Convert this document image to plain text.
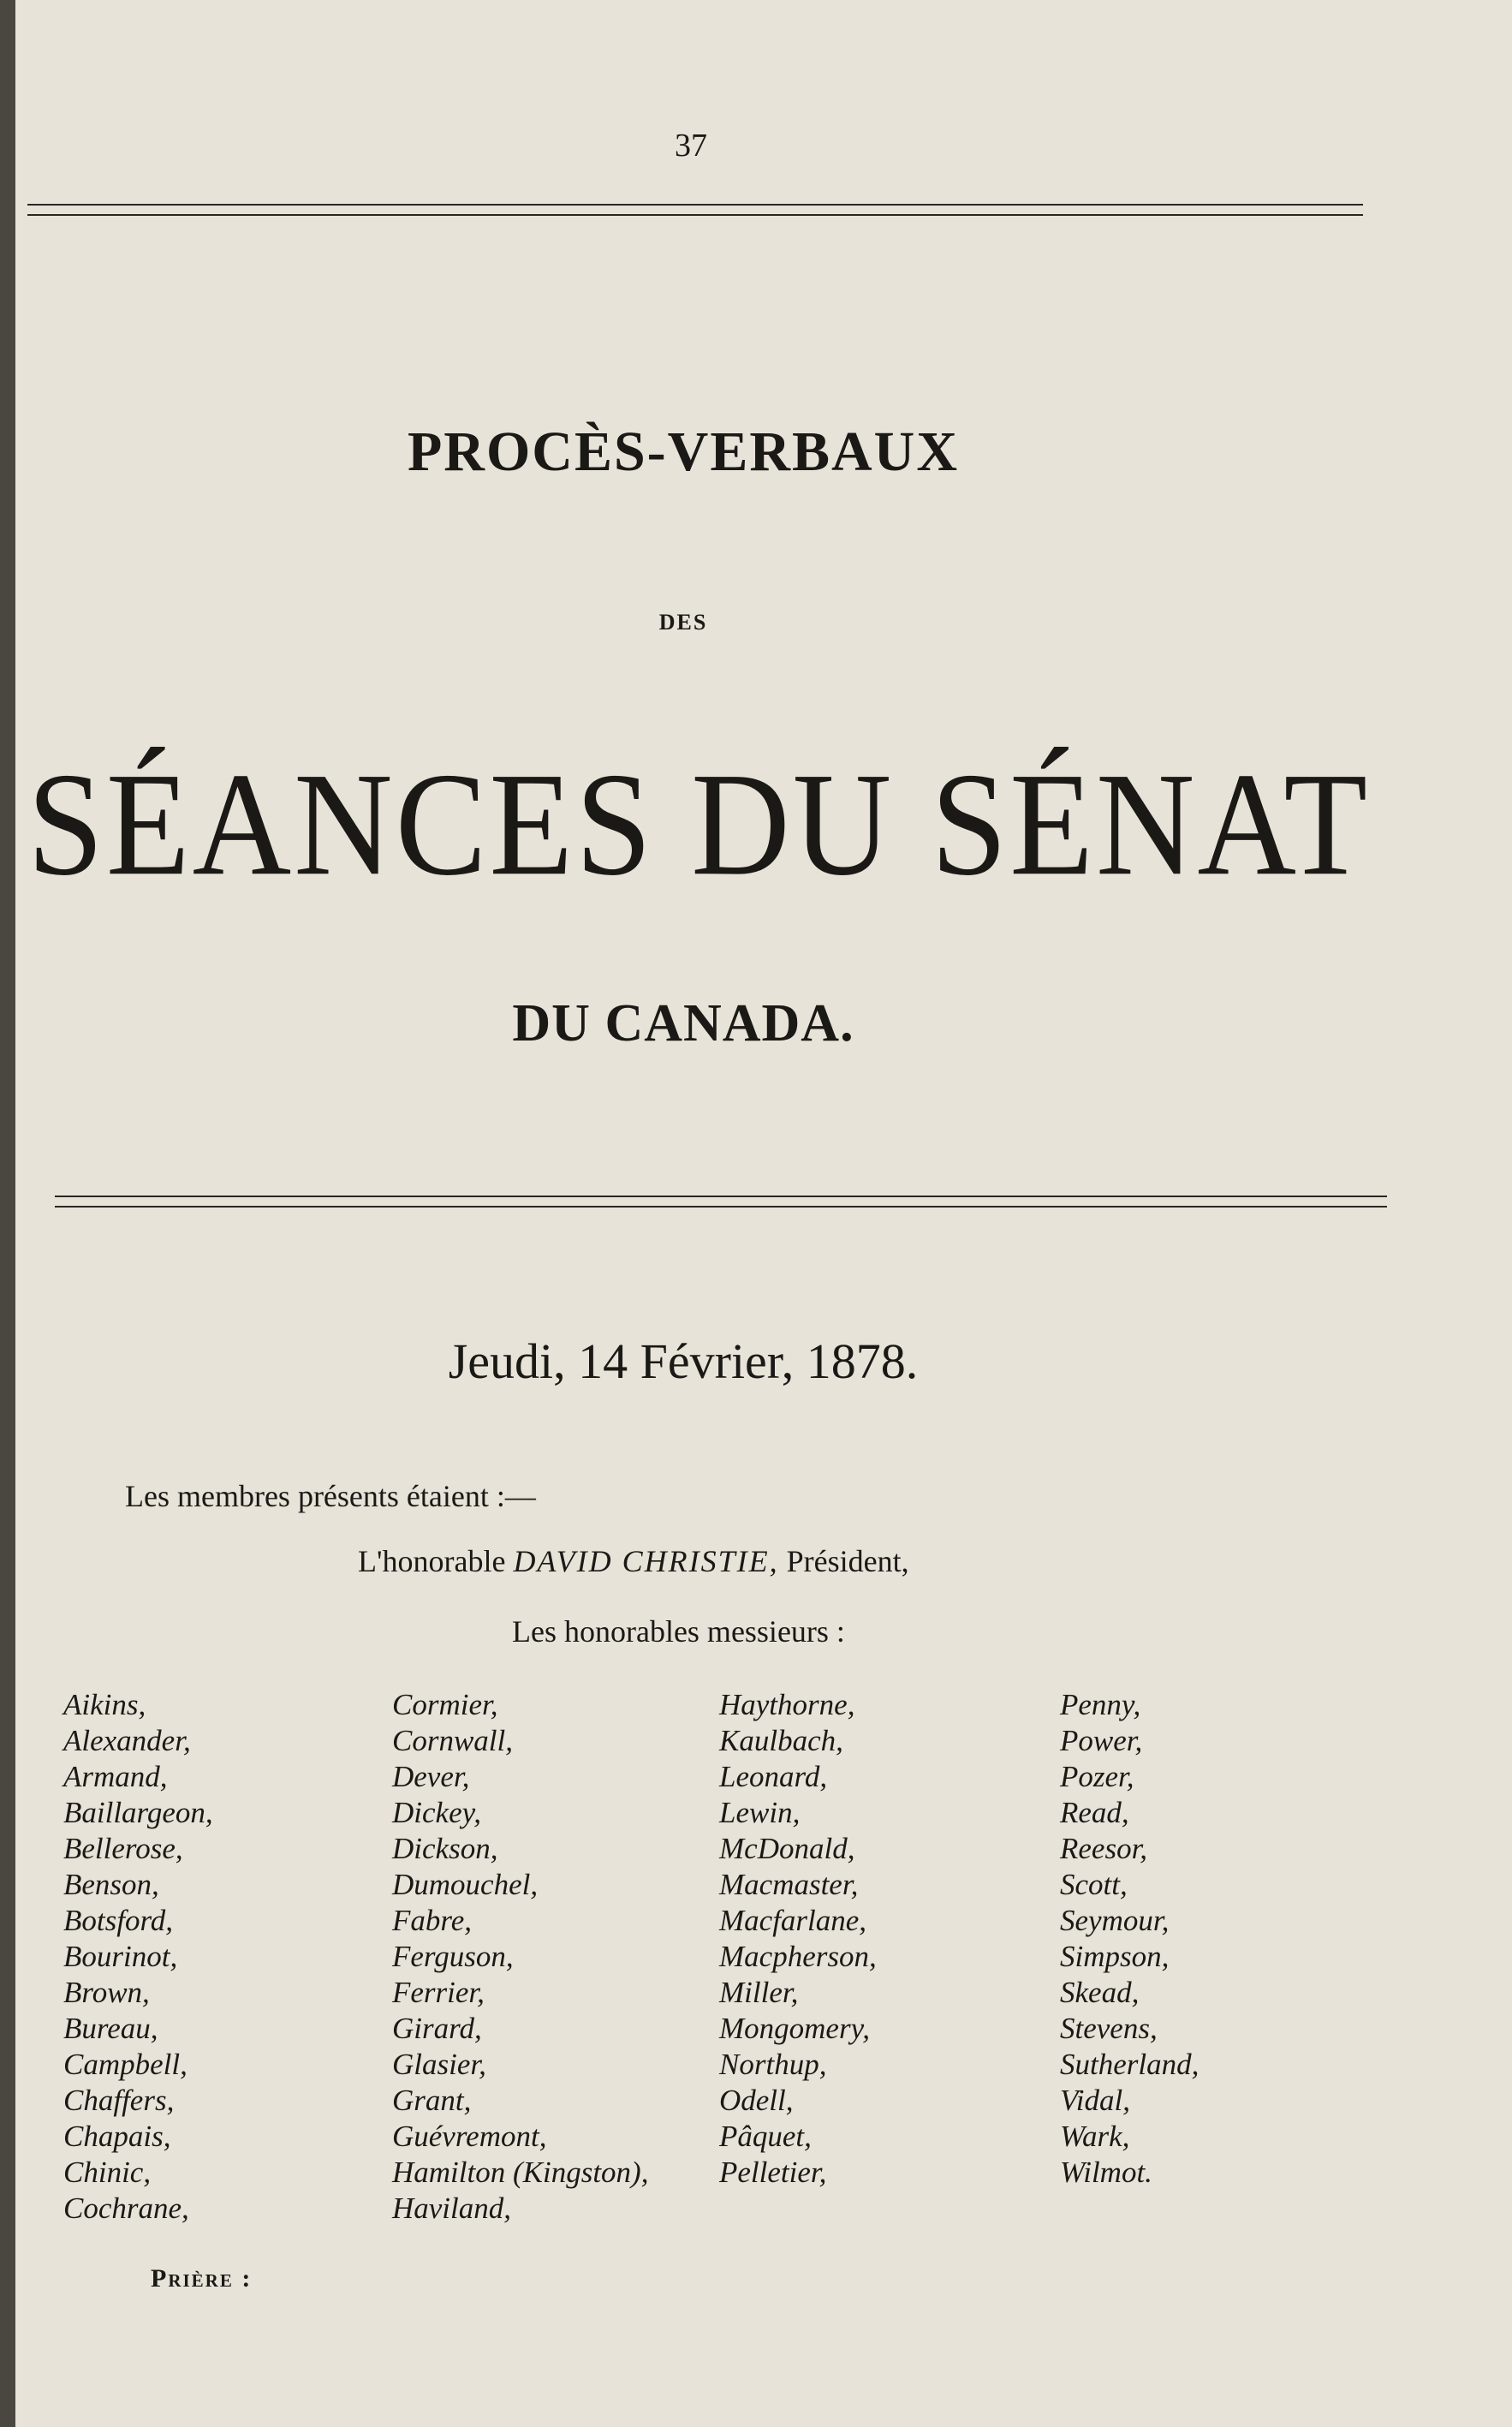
37
PROCÈS-VERBAUX
DES
SÉANCES DU SÉNAT
DU CANADA.
Jeudi, 14 Février, 1878.
Les membres présents étaient :—
L'honorable DAVID CHRISTIE, Président,
Les honorables messieurs :
Aikins,
Alexander,
Armand,
Baillargeon,
Bellerose,
Benson,
Botsford,
Bourinot,
Brown,
Bureau,
Campbell,
Chaffers,
Chapais,
Chinic,
Cochrane,
Cormier,
Cornwall,
Dever,
Dickey,
Dickson,
Dumouchel,
Fabre,
Ferguson,
Ferrier,
Girard,
Glasier,
Grant,
Guévremont,
Hamilton (Kingston),
Haviland,
Haythorne,
Kaulbach,
Leonard,
Lewin,
McDonald,
Macmaster,
Macfarlane,
Macpherson,
Miller,
Mongomery,
Northup,
Odell,
Pâquet,
Pelletier,
Penny,
Power,
Pozer,
Read,
Reesor,
Scott,
Seymour,
Simpson,
Skead,
Stevens,
Sutherland,
Vidal,
Wark,
Wilmot.
Prière :
